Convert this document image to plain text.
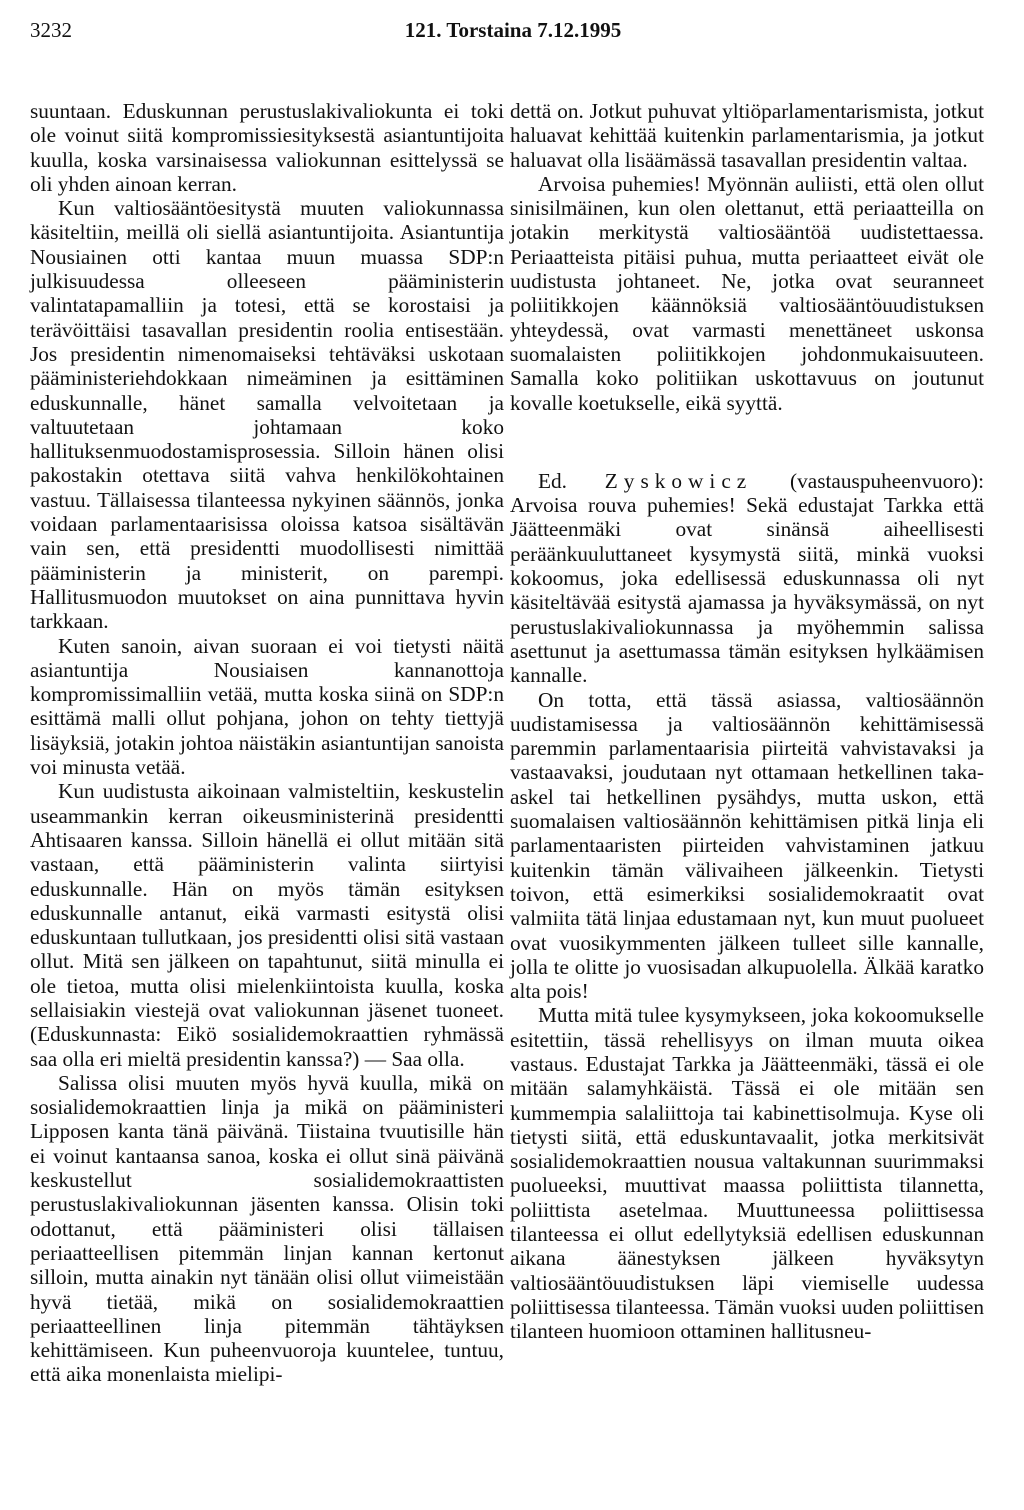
3232	121. Torstaina 7.12.1995

suuntaan. Eduskunnan perustuslakivaliokunta ei toki ole voinut siitä kompromissiesityksestä asiantuntijoita kuulla, koska varsinaisessa valiokunnan esittelyssä se oli yhden ainoan kerran.

Kun valtiosääntöesitystä muuten valiokunnassa käsiteltiin, meillä oli siellä asiantuntijoita. Asiantuntija Nousiainen otti kantaa muun muassa SDP:n julkisuudessa olleeseen pääministerin valintatapamalliin ja totesi, että se korostaisi ja terävöittäisi tasavallan presidentin roolia entisestään. Jos presidentin nimenomaiseksi tehtäväksi uskotaan pääministeriehdokkaan nimeäminen ja esittäminen eduskunnalle, hänet samalla velvoitetaan ja valtuutetaan johtamaan koko hallituksenmuodostamisprosessia. Silloin hänen olisi pakostakin otettava siitä vahva henkilökohtainen vastuu. Tällaisessa tilanteessa nykyinen säännös, jonka voidaan parlamentaarisissa oloissa katsoa sisältävän vain sen, että presidentti muodollisesti nimittää pääministerin ja ministerit, on parempi. Hallitusmuodon muutokset on aina punnittava hyvin tarkkaan.

Kuten sanoin, aivan suoraan ei voi tietysti näitä asiantuntija Nousiaisen kannanottoja kompromissimalliin vetää, mutta koska siinä on SDP:n esittämä malli ollut pohjana, johon on tehty tiettyjä lisäyksiä, jotakin johtoa näistäkin asiantuntijan sanoista voi minusta vetää.

Kun uudistusta aikoinaan valmisteltiin, keskustelin useammankin kerran oikeusministerinä presidentti Ahtisaaren kanssa. Silloin hänellä ei ollut mitään sitä vastaan, että pääministerin valinta siirtyisi eduskunnalle. Hän on myös tämän esityksen eduskunnalle antanut, eikä varmasti esitystä olisi eduskuntaan tullutkaan, jos presidentti olisi sitä vastaan ollut. Mitä sen jälkeen on tapahtunut, siitä minulla ei ole tietoa, mutta olisi mielenkiintoista kuulla, koska sellaisiakin viestejä ovat valiokunnan jäsenet tuoneet. (Eduskunnasta: Eikö sosialidemokraattien ryhmässä saa olla eri mieltä presidentin kanssa?) — Saa olla.

Salissa olisi muuten myös hyvä kuulla, mikä on sosialidemokraattien linja ja mikä on pääministeri Lipposen kanta tänä päivänä. Tiistaina tvuutisille hän ei voinut kantaansa sanoa, koska ei ollut sinä päivänä keskustellut sosialidemokraattisten perustuslakivaliokunnan jäsenten kanssa. Olisin toki odottanut, että pääministeri olisi tällaisen periaatteellisen pitemmän linjan kannan kertonut silloin, mutta ainakin nyt tänään olisi ollut viimeistään hyvä tietää, mikä on sosialidemokraattien periaatteellinen linja pitemmän tähtäyksen kehittämiseen. Kun puheenvuoroja kuuntelee, tuntuu, että aika monenlaista mielipi-

dettä on. Jotkut puhuvat yltiöparlamentarismista, jotkut haluavat kehittää kuitenkin parlamentarismia, ja jotkut haluavat olla lisäämässä tasavallan presidentin valtaa.

Arvoisa puhemies! Myönnän auliisti, että olen ollut sinisilmäinen, kun olen olettanut, että periaatteilla on jotakin merkitystä valtiosääntöä uudistettaessa. Periaatteista pitäisi puhua, mutta periaatteet eivät ole uudistusta johtaneet. Ne, jotka ovat seuranneet poliitikkojen käännöksiä valtiosääntöuudistuksen yhteydessä, ovat varmasti menettäneet uskonsa suomalaisten poliitikkojen johdonmukaisuuteen. Samalla koko politiikan uskottavuus on joutunut kovalle koetukselle, eikä syyttä.

Ed. Zyskowicz (vastauspuheenvuoro): Arvoisa rouva puhemies! Sekä edustajat Tarkka että Jäätteenmäki ovat sinänsä aiheellisesti peräänkuuluttaneet kysymystä siitä, minkä vuoksi kokoomus, joka edellisessä eduskunnassa oli nyt käsiteltävää esitystä ajamassa ja hyväksymässä, on nyt perustuslakivaliokunnassa ja myöhemmin salissa asettunut ja asettumassa tämän esityksen hylkäämisen kannalle.

On totta, että tässä asiassa, valtiosäännön uudistamisessa ja valtiosäännön kehittämisessä paremmin parlamentaarisia piirteitä vahvistavaksi ja vastaavaksi, joudutaan nyt ottamaan hetkellinen taka-askel tai hetkellinen pysähdys, mutta uskon, että suomalaisen valtiosäännön kehittämisen pitkä linja eli parlamentaaristen piirteiden vahvistaminen jatkuu kuitenkin tämän välivaiheen jälkeenkin. Tietysti toivon, että esimerkiksi sosialidemokraatit ovat valmiita tätä linjaa edustamaan nyt, kun muut puolueet ovat vuosikymmenten jälkeen tulleet sille kannalle, jolla te olitte jo vuosisadan alkupuolella. Älkää karatko alta pois!

Mutta mitä tulee kysymykseen, joka kokoomukselle esitettiin, tässä rehellisyys on ilman muuta oikea vastaus. Edustajat Tarkka ja Jäätteenmäki, tässä ei ole mitään salamyhkäistä. Tässä ei ole mitään sen kummempia salaliittoja tai kabinettisolmuja. Kyse oli tietysti siitä, että eduskuntavaalit, jotka merkitsivät sosialidemokraattien nousua valtakunnan suurimmaksi puolueeksi, muuttivat maassa poliittista tilannetta, poliittista asetelmaa. Muuttuneessa poliittisessa tilanteessa ei ollut edellytyksiä edellisen eduskunnan aikana äänestyksen jälkeen hyväksytyn valtiosääntöuudistuksen läpi viemiselle uudessa poliittisessa tilanteessa. Tämän vuoksi uuden poliittisen tilanteen huomioon ottaminen hallitusneu-
